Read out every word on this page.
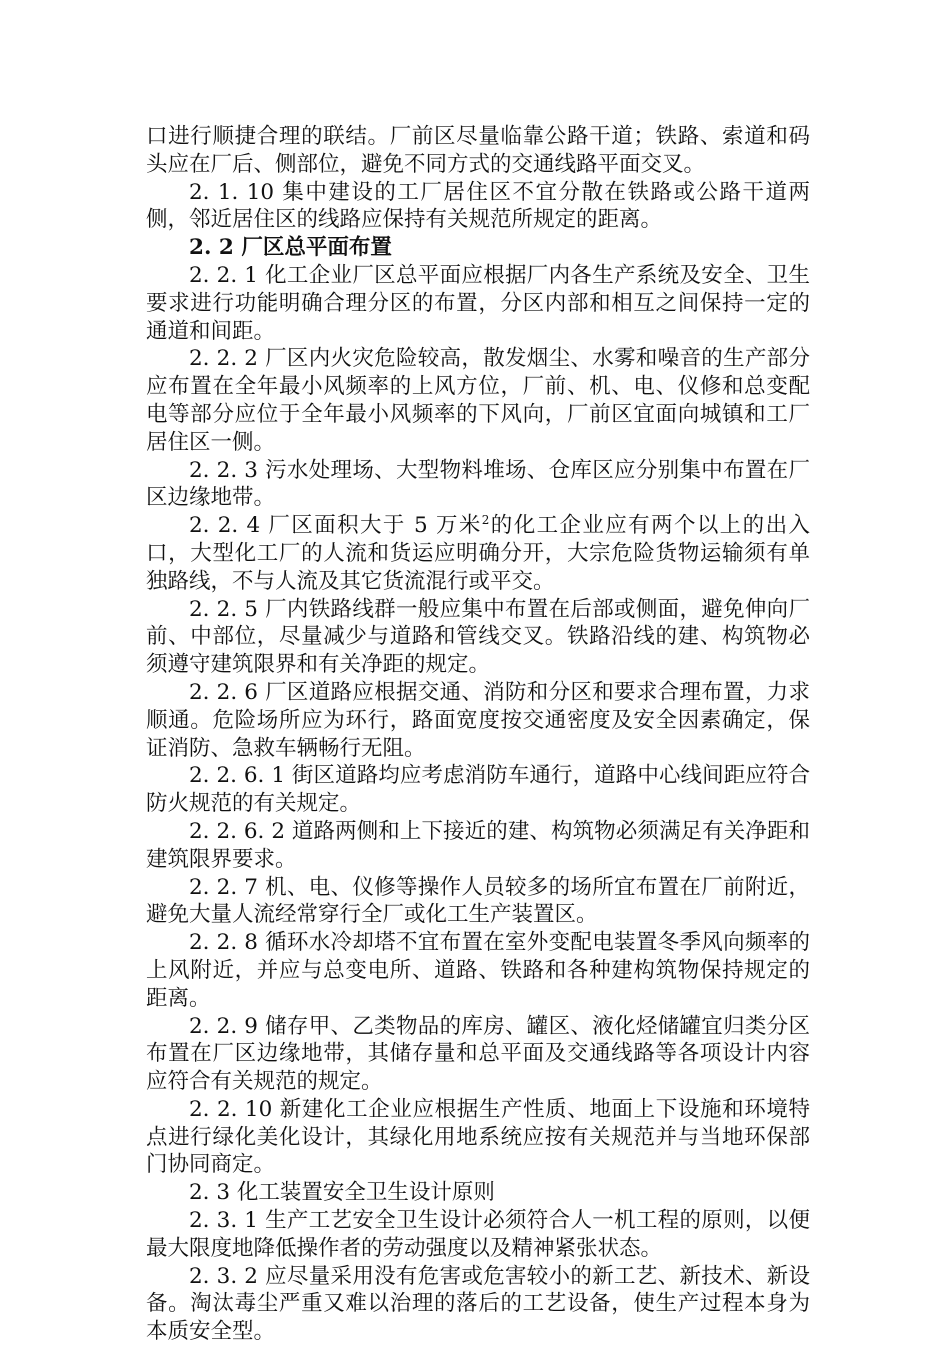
口进行顺捷合理的联结。厂前区尽量临靠公路干道；铁路、索道和码头应在厂后、侧部位，避免不同方式的交通线路平面交叉。

2. 1. 10 集中建设的工厂居住区不宜分散在铁路或公路干道两侧，邻近居住区的线路应保持有关规范所规定的距离。

2. 2 厂区总平面布置

2. 2. 1 化工企业厂区总平面应根据厂内各生产系统及安全、卫生要求进行功能明确合理分区的布置，分区内部和相互之间保持一定的通道和间距。

2. 2. 2 厂区内火灾危险较高，散发烟尘、水雾和噪音的生产部分应布置在全年最小风频率的上风方位，厂前、机、电、仪修和总变配电等部分应位于全年最小风频率的下风向，厂前区宜面向城镇和工厂居住区一侧。

2. 2. 3 污水处理场、大型物料堆场、仓库区应分别集中布置在厂区边缘地带。

2. 2. 4 厂区面积大于 5 万米$^2$的化工企业应有两个以上的出入口，大型化工厂的人流和货运应明确分开，大宗危险货物运输须有单独路线，不与人流及其它货流混行或平交。

2. 2. 5 厂内铁路线群一般应集中布置在后部或侧面，避免伸向厂前、中部位，尽量减少与道路和管线交叉。铁路沿线的建、构筑物必须遵守建筑限界和有关净距的规定。

2. 2. 6 厂区道路应根据交通、消防和分区和要求合理布置，力求顺通。危险场所应为环行，路面宽度按交通密度及安全因素确定，保证消防、急救车辆畅行无阻。

2. 2. 6. 1 街区道路均应考虑消防车通行，道路中心线间距应符合防火规范的有关规定。

2. 2. 6. 2 道路两侧和上下接近的建、构筑物必须满足有关净距和建筑限界要求。

2. 2. 7 机、电、仪修等操作人员较多的场所宜布置在厂前附近，避免大量人流经常穿行全厂或化工生产装置区。

2. 2. 8 循环水冷却塔不宜布置在室外变配电装置冬季风向频率的上风附近，并应与总变电所、道路、铁路和各种建构筑物保持规定的距离。

2. 2. 9 储存甲、乙类物品的库房、罐区、液化烃储罐宜归类分区布置在厂区边缘地带，其储存量和总平面及交通线路等各项设计内容应符合有关规范的规定。

2. 2. 10 新建化工企业应根据生产性质、地面上下设施和环境特点进行绿化美化设计，其绿化用地系统应按有关规范并与当地环保部门协同商定。

2. 3 化工装置安全卫生设计原则

2. 3. 1 生产工艺安全卫生设计必须符合人一机工程的原则，以便最大限度地降低操作者的劳动强度以及精神紧张状态。

2. 3. 2 应尽量采用没有危害或危害较小的新工艺、新技术、新设备。淘汰毒尘严重又难以治理的落后的工艺设备，使生产过程本身为本质安全型。
